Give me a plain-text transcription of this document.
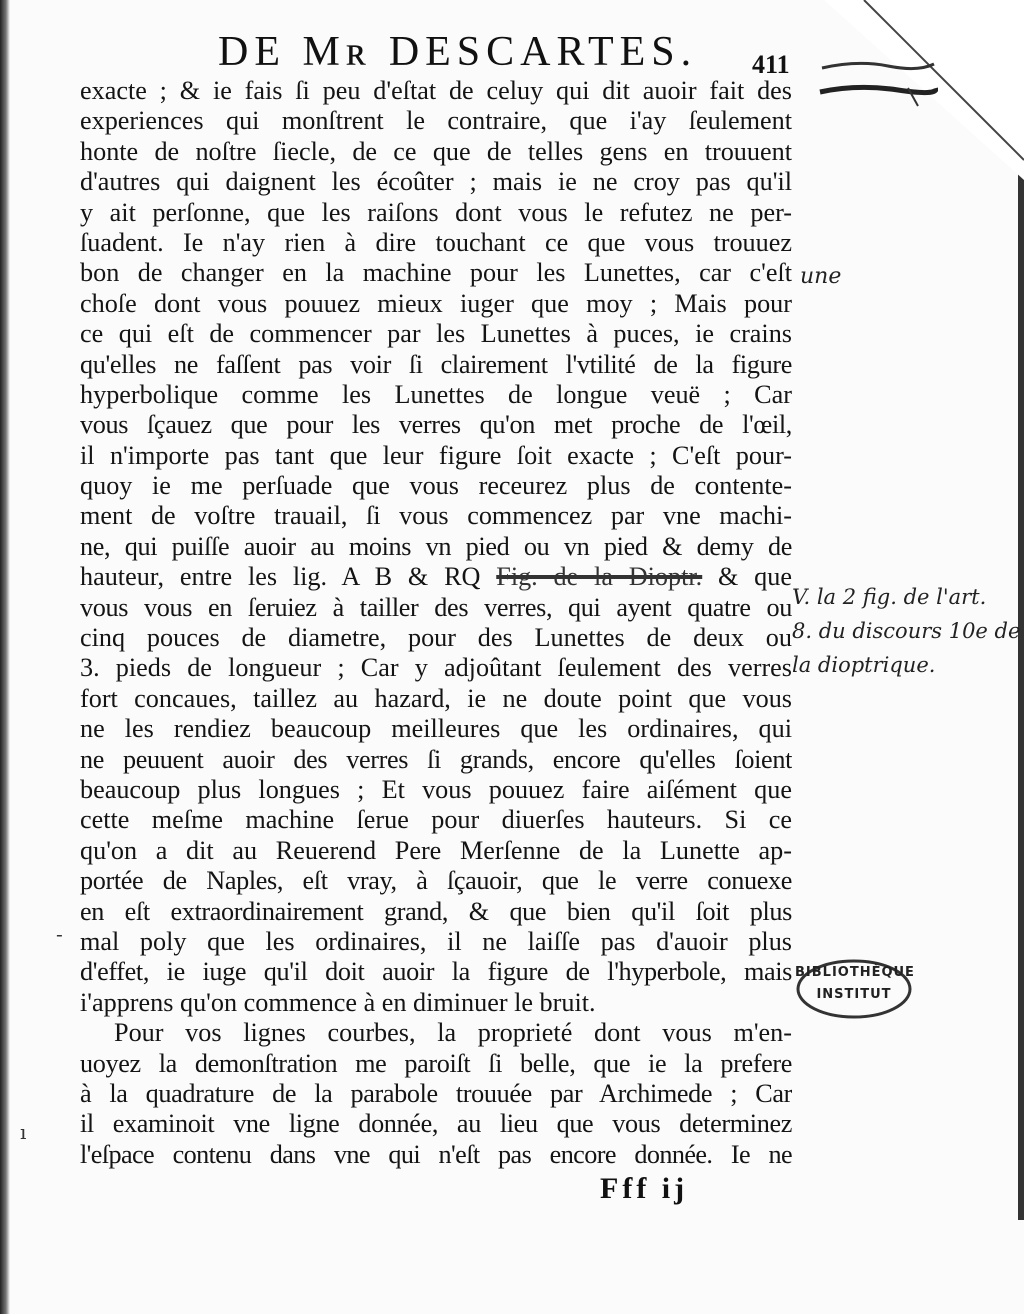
DE Mʀ DESCARTES. 411
exacte ; & ie fais ſi peu d'eſtat de celuy qui dit auoir fait des
experiences qui monſtrent le contraire, que i'ay ſeulement
honte de noſtre ſiecle, de ce que de telles gens en trouuent
d'autres qui daignent les écoûter ; mais ie ne croy pas qu'il
y ait perſonne, que les raiſons dont vous le refutez ne per-
ſuadent. Ie n'ay rien à dire touchant ce que vous trouuez
bon de changer en la machine pour les Lunettes, car c'eſt
choſe dont vous pouuez mieux iuger que moy ; Mais pour
ce qui eſt de commencer par les Lunettes à puces, ie crains
qu'elles ne faſſent pas voir ſi clairement l'vtilité de la figure
hyperbolique comme les Lunettes de longue veuë ; Car
vous ſçauez que pour les verres qu'on met proche de l'œil,
il n'importe pas tant que leur figure ſoit exacte ; C'eſt pour-
quoy ie me perſuade que vous receurez plus de contente-
ment de voſtre trauail, ſi vous commencez par vne machi-
ne, qui puiſſe auoir au moins vn pied ou vn pied & demy de
hauteur, entre les lig. A B & RQ Fig. de la Dioptr. & que
vous vous en ſeruiez à tailler des verres, qui ayent quatre ou
cinq pouces de diametre, pour des Lunettes de deux ou
3. pieds de longueur ; Car y adjoûtant ſeulement des verres
fort concaues, taillez au hazard, ie ne doute point que vous
ne les rendiez beaucoup meilleures que les ordinaires, qui
ne peuuent auoir des verres ſi grands, encore qu'elles ſoient
beaucoup plus longues ; Et vous pouuez faire aiſément que
cette meſme machine ſerue pour diuerſes hauteurs. Si ce
qu'on a dit au Reuerend Pere Merſenne de la Lunette ap-
portée de Naples, eſt vray, à ſçauoir, que le verre conuexe
en eſt extraordinairement grand, & que bien qu'il ſoit plus
mal poly que les ordinaires, il ne laiſſe pas d'auoir plus
d'effet, ie iuge qu'il doit auoir la figure de l'hyperbole, mais
i'apprens qu'on commence à en diminuer le bruit.
Pour vos lignes courbes, la proprieté dont vous m'en-
uoyez la demonſtration me paroiſt ſi belle, que ie la prefere
à la quadrature de la parabole trouuée par Archimede ; Car
il examinoit vne ligne donnée, au lieu que vous determinez
l'eſpace contenu dans vne qui n'eſt pas encore donnée. Ie ne
Fff ij
une
V. la 2 fig. de l'art.
8. du discours 10e de
la dioptrique.
BIBLIOTHÈQUE
INSTITUT
-
ı
